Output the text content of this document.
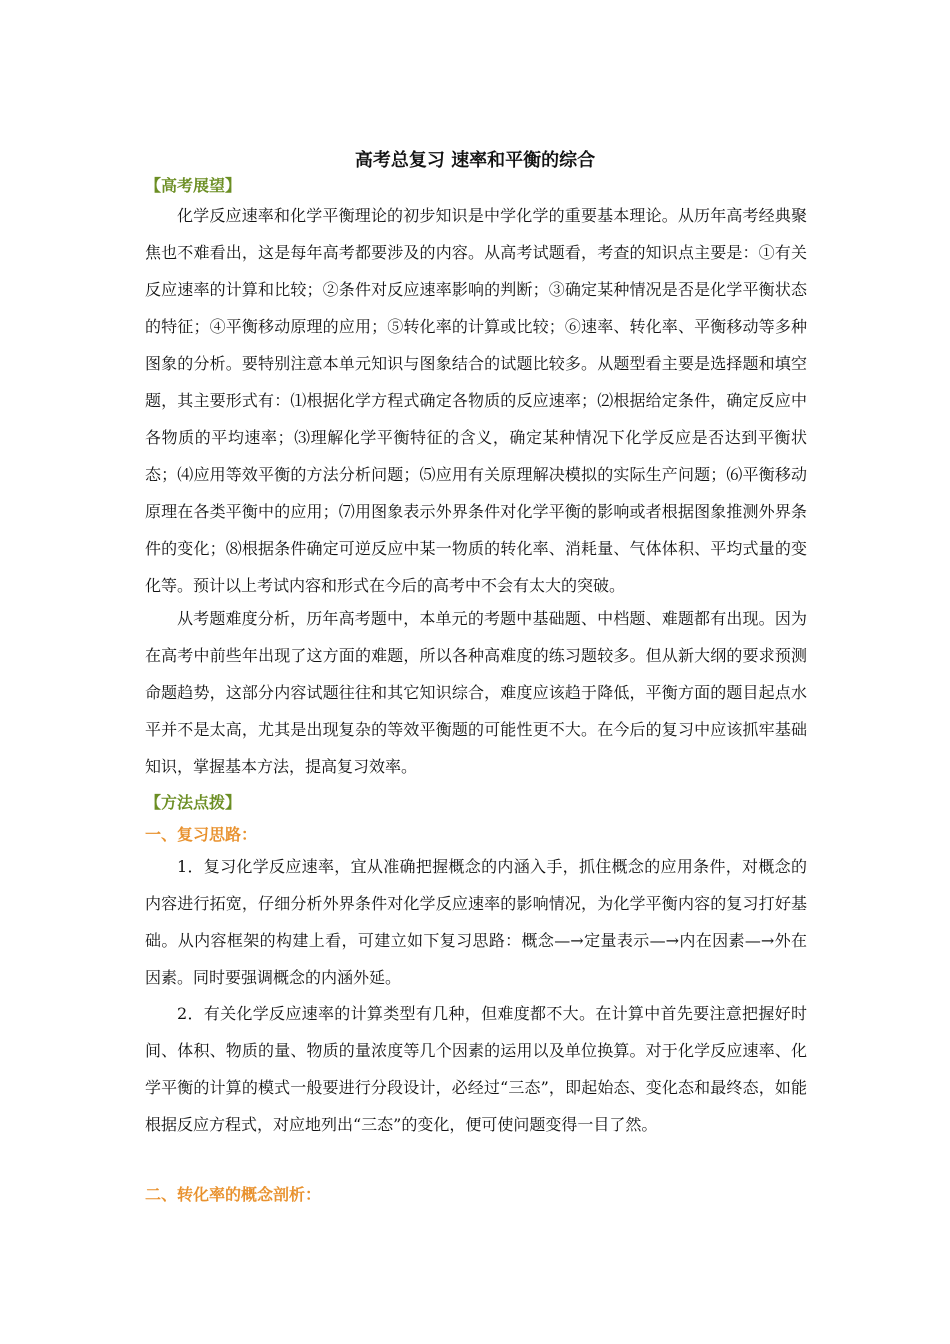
高考总复习 速率和平衡的综合
【高考展望】

化学反应速率和化学平衡理论的初步知识是中学化学的重要基本理论。从历年高考经典聚焦也不难看出，这是每年高考都要涉及的内容。从高考试题看，考查的知识点主要是：①有关反应速率的计算和比较；②条件对反应速率影响的判断；③确定某种情况是否是化学平衡状态的特征；④平衡移动原理的应用；⑤转化率的计算或比较；⑥速率、转化率、平衡移动等多种图象的分析。要特别注意本单元知识与图象结合的试题比较多。从题型看主要是选择题和填空题，其主要形式有：⑴根据化学方程式确定各物质的反应速率；⑵根据给定条件，确定反应中各物质的平均速率；⑶理解化学平衡特征的含义，确定某种情况下化学反应是否达到平衡状态；⑷应用等效平衡的方法分析问题；⑸应用有关原理解决模拟的实际生产问题；⑹平衡移动原理在各类平衡中的应用；⑺用图象表示外界条件对化学平衡的影响或者根据图象推测外界条件的变化；⑻根据条件确定可逆反应中某一物质的转化率、消耗量、气体体积、平均式量的变化等。预计以上考试内容和形式在今后的高考中不会有太大的突破。

从考题难度分析，历年高考题中，本单元的考题中基础题、中档题、难题都有出现。因为在高考中前些年出现了这方面的难题，所以各种高难度的练习题较多。但从新大纲的要求预测命题趋势，这部分内容试题往往和其它知识综合，难度应该趋于降低，平衡方面的题目起点水平并不是太高，尤其是出现复杂的等效平衡题的可能性更不大。在今后的复习中应该抓牢基础知识，掌握基本方法，提高复习效率。

【方法点拨】
一、复习思路：

1．复习化学反应速率，宜从准确把握概念的内涵入手，抓住概念的应用条件，对概念的内容进行拓宽，仔细分析外界条件对化学反应速率的影响情况，为化学平衡内容的复习打好基础。从内容框架的构建上看，可建立如下复习思路：概念—→定量表示—→内在因素—→外在因素。同时要强调概念的内涵外延。

2．有关化学反应速率的计算类型有几种，但难度都不大。在计算中首先要注意把握好时间、体积、物质的量、物质的量浓度等几个因素的运用以及单位换算。对于化学反应速率、化学平衡的计算的模式一般要进行分段设计，必经过“三态”，即起始态、变化态和最终态，如能根据反应方程式，对应地列出“三态”的变化，便可使问题变得一目了然。

二、转化率的概念剖析：
